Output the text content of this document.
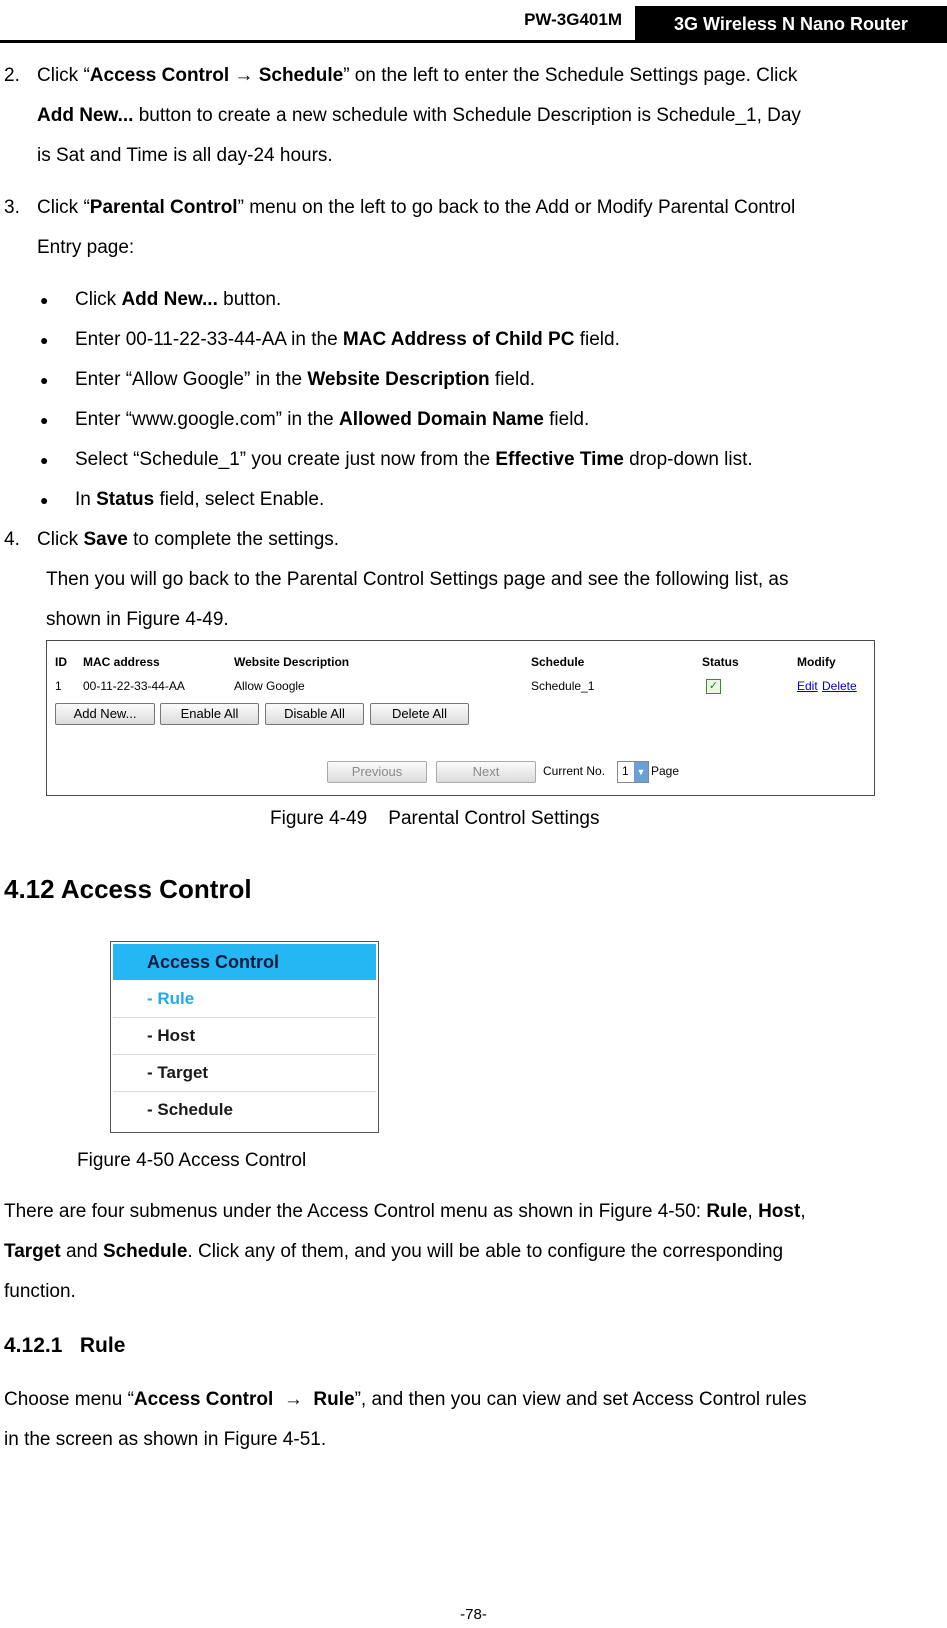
PW-3G401M	3G Wireless N Nano Router
2. Click “Access Control → Schedule” on the left to enter the Schedule Settings page. Click
Add New... button to create a new schedule with Schedule Description is Schedule_1, Day
is Sat and Time is all day-24 hours.
3. Click “Parental Control” menu on the left to go back to the Add or Modify Parental Control
Entry page:
● Click Add New... button.
● Enter 00-11-22-33-44-AA in the MAC Address of Child PC field.
● Enter “Allow Google” in the Website Description field.
● Enter “www.google.com” in the Allowed Domain Name field.
● Select “Schedule_1” you create just now from the Effective Time drop-down list.
● In Status field, select Enable.
4. Click Save to complete the settings.
Then you will go back to the Parental Control Settings page and see the following list, as
shown in Figure 4-49.
ID MAC address	Website Description	Schedule	Status	Modify
1 00-11-22-33-44-AA	Allow Google	Schedule_1	✓	Edit Delete
Add New...	Enable All	Disable All	Delete All
Previous	Next	Current No. 1 ▼ Page
Figure 4-49    Parental Control Settings
4.12 Access Control
Access Control
- Rule
- Host
- Target
- Schedule
Figure 4-50 Access Control
There are four submenus under the Access Control menu as shown in Figure 4-50: Rule, Host,
Target and Schedule. Click any of them, and you will be able to configure the corresponding
function.
4.12.1   Rule
Choose menu “Access Control  →  Rule”, and then you can view and set Access Control rules
in the screen as shown in Figure 4-51.
-78-
